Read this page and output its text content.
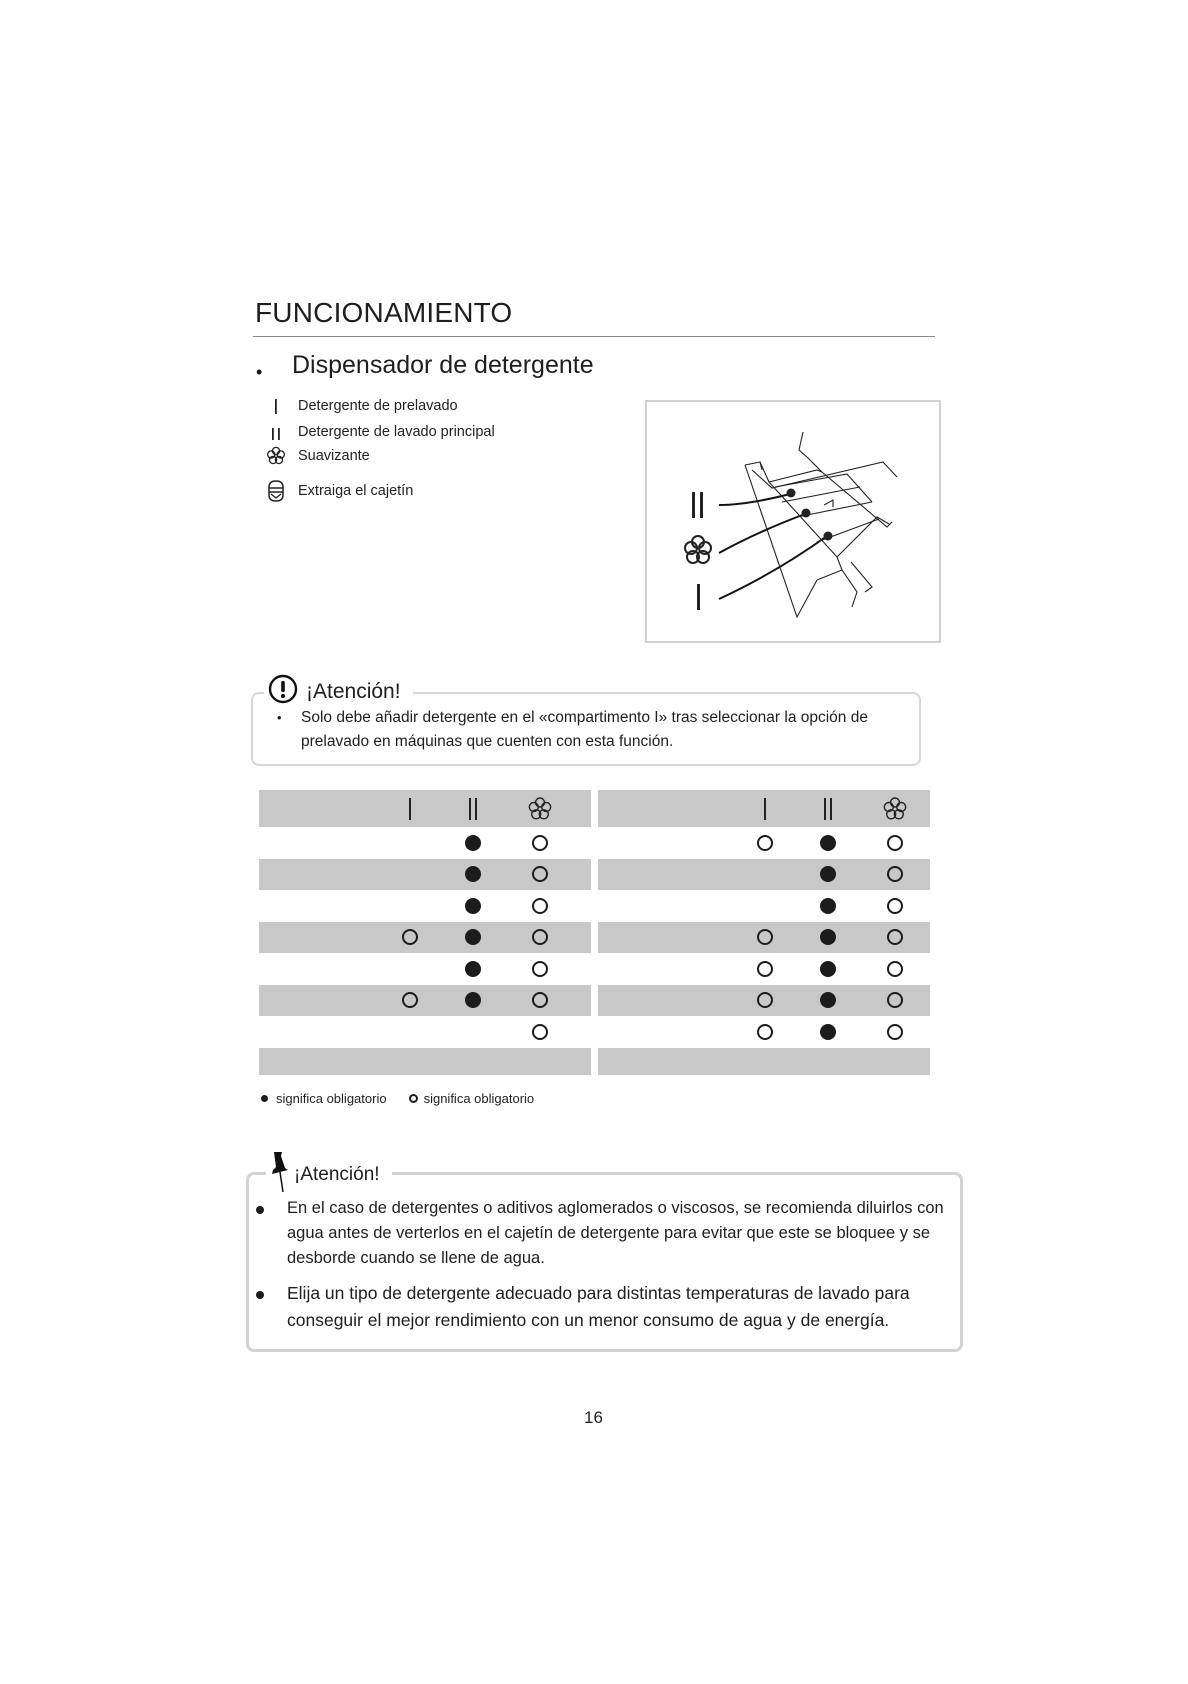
FUNCIONAMIENTO
• Dispensador de detergente
Detergente de prelavado
Detergente de lavado principal
Suavizante
Extraiga el cajetín
¡Atención!
• Solo debe añadir detergente en el «compartimento I» tras seleccionar la opción de prelavado en máquinas que cuenten con esta función.
significa obligatorio	significa obligatorio
¡Atención!
En el caso de detergentes o aditivos aglomerados o viscosos, se recomienda diluirlos con agua antes de verterlos en el cajetín de detergente para evitar que este se bloquee y se desborde cuando se llene de agua.
Elija un tipo de detergente adecuado para distintas temperaturas de lavado para conseguir el mejor rendimiento con un menor consumo de agua y de energía.
16
